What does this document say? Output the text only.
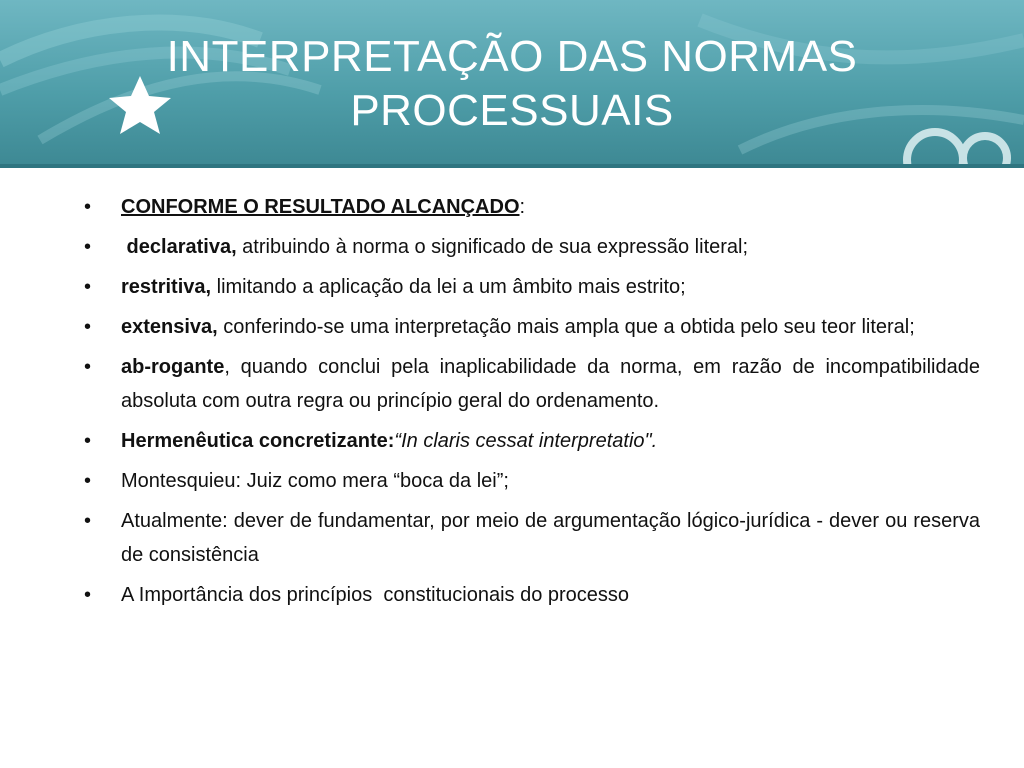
INTERPRETAÇÃO DAS NORMAS
PROCESSUAIS
•	CONFORME O RESULTADO ALCANÇADO:
•	declarativa, atribuindo à norma o significado de sua expressão literal;
•	restritiva, limitando a aplicação da lei a um âmbito mais estrito;
•	extensiva, conferindo-se uma interpretação mais ampla que a obtida pelo seu teor literal;
•	ab-rogante, quando conclui pela inaplicabilidade da norma, em razão de incompatibilidade absoluta com outra regra ou princípio geral do ordenamento.
•	Hermenêutica concretizante:“In claris cessat interpretatio".
•	Montesquieu: Juiz como mera “boca da lei”;
•	Atualmente: dever de fundamentar, por meio de argumentação lógico-jurídica - dever ou reserva de consistência
•	A Importância dos princípios  constitucionais do processo
